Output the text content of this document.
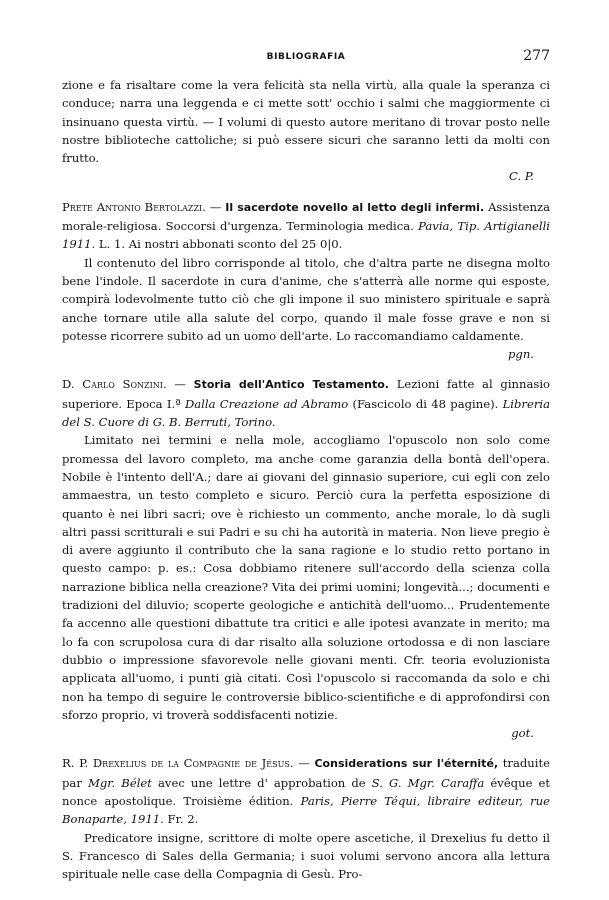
BIBLIOGRAFIA	277

zione e fa risaltare come la vera felicità sta nella virtù, alla quale la speranza ci conduce; narra una leggenda e ci mette sott' occhio i salmi che maggiormente ci insinuano questa virtù. — I volumi di questo autore meritano di trovar posto nelle nostre biblioteche cattoliche; si può essere sicuri che saranno letti da molti con frutto.

C. P.

Prete Antonio Bertolazzi. — Il sacerdote novello al letto degli infermi. Assistenza morale-religiosa. Soccorsi d'urgenza. Terminologia medica. Pavia, Tip. Artigianelli 1911. L. 1. Ai nostri abbonati sconto del 25 0|0.

Il contenuto del libro corrisponde al titolo, che d'altra parte ne disegna molto bene l'indole. Il sacerdote in cura d'anime, che s'atterrà alle norme qui esposte, compirà lodevolmente tutto ciò che gli impone il suo ministero spirituale e saprà anche tornare utile alla salute del corpo, quando il male fosse grave e non si potesse ricorrere subito ad un uomo dell'arte. Lo raccomandiamo caldamente.

pgn.

D. Carlo Sonzini. — Storia dell'Antico Testamento. Lezioni fatte al ginnasio superiore. Epoca I.ª Dalla Creazione ad Abramo (Fascicolo di 48 pagine). Libreria del S. Cuore di G. B. Berruti, Torino.

Limitato nei termini e nella mole, accogliamo l'opuscolo non solo come promessa del lavoro completo, ma anche come garanzia della bontà dell'opera. Nobile è l'intento dell'A.; dare ai giovani del ginnasio superiore, cui egli con zelo ammaestra, un testo completo e sicuro. Perciò cura la perfetta esposizione di quanto è nei libri sacri; ove è richiesto un commento, anche morale, lo dà sugli altri passi scritturali e sui Padri e su chi ha autorità in materia. Non lieve pregio è di avere aggiunto il contributo che la sana ragione e lo studio retto portano in questo campo: p. es.: Cosa dobbiamo ritenere sull'accordo della scienza colla narrazione biblica nella creazione? Vita dei primi uomini; longevità...; documenti e tradizioni del diluvio; scoperte geologiche e antichità dell'uomo... Prudentemente fa accenno alle questioni dibattute tra critici e alle ipotesi avanzate in merito; ma lo fa con scrupolosa cura di dar risalto alla soluzione ortodossa e di non lasciare dubbio o impressione sfavorevole nelle giovani menti. Cfr. teoria evoluzionista applicata all'uomo, i punti già citati. Così l'opuscolo si raccomanda da solo e chi non ha tempo di seguire le controversie biblico-scientifiche e di approfondirsi con sforzo proprio, vi troverà soddisfacenti notizie.

got.

R. P. Drexelius de la Compagnie de Jésus. — Considerations sur l'éternité, traduite par Mgr. Bélet avec une lettre d' approbation de S. G. Mgr. Caraffa évêque et nonce apostolique. Troisième édition. Paris, Pierre Téqui, libraire editeur, rue Bonaparte, 1911. Fr. 2.

Predicatore insigne, scrittore di molte opere ascetiche, il Drexelius fu detto il S. Francesco di Sales della Germania; i suoi volumi servono ancora alla lettura spirituale nelle case della Compagnia di Gesù. Pro-
